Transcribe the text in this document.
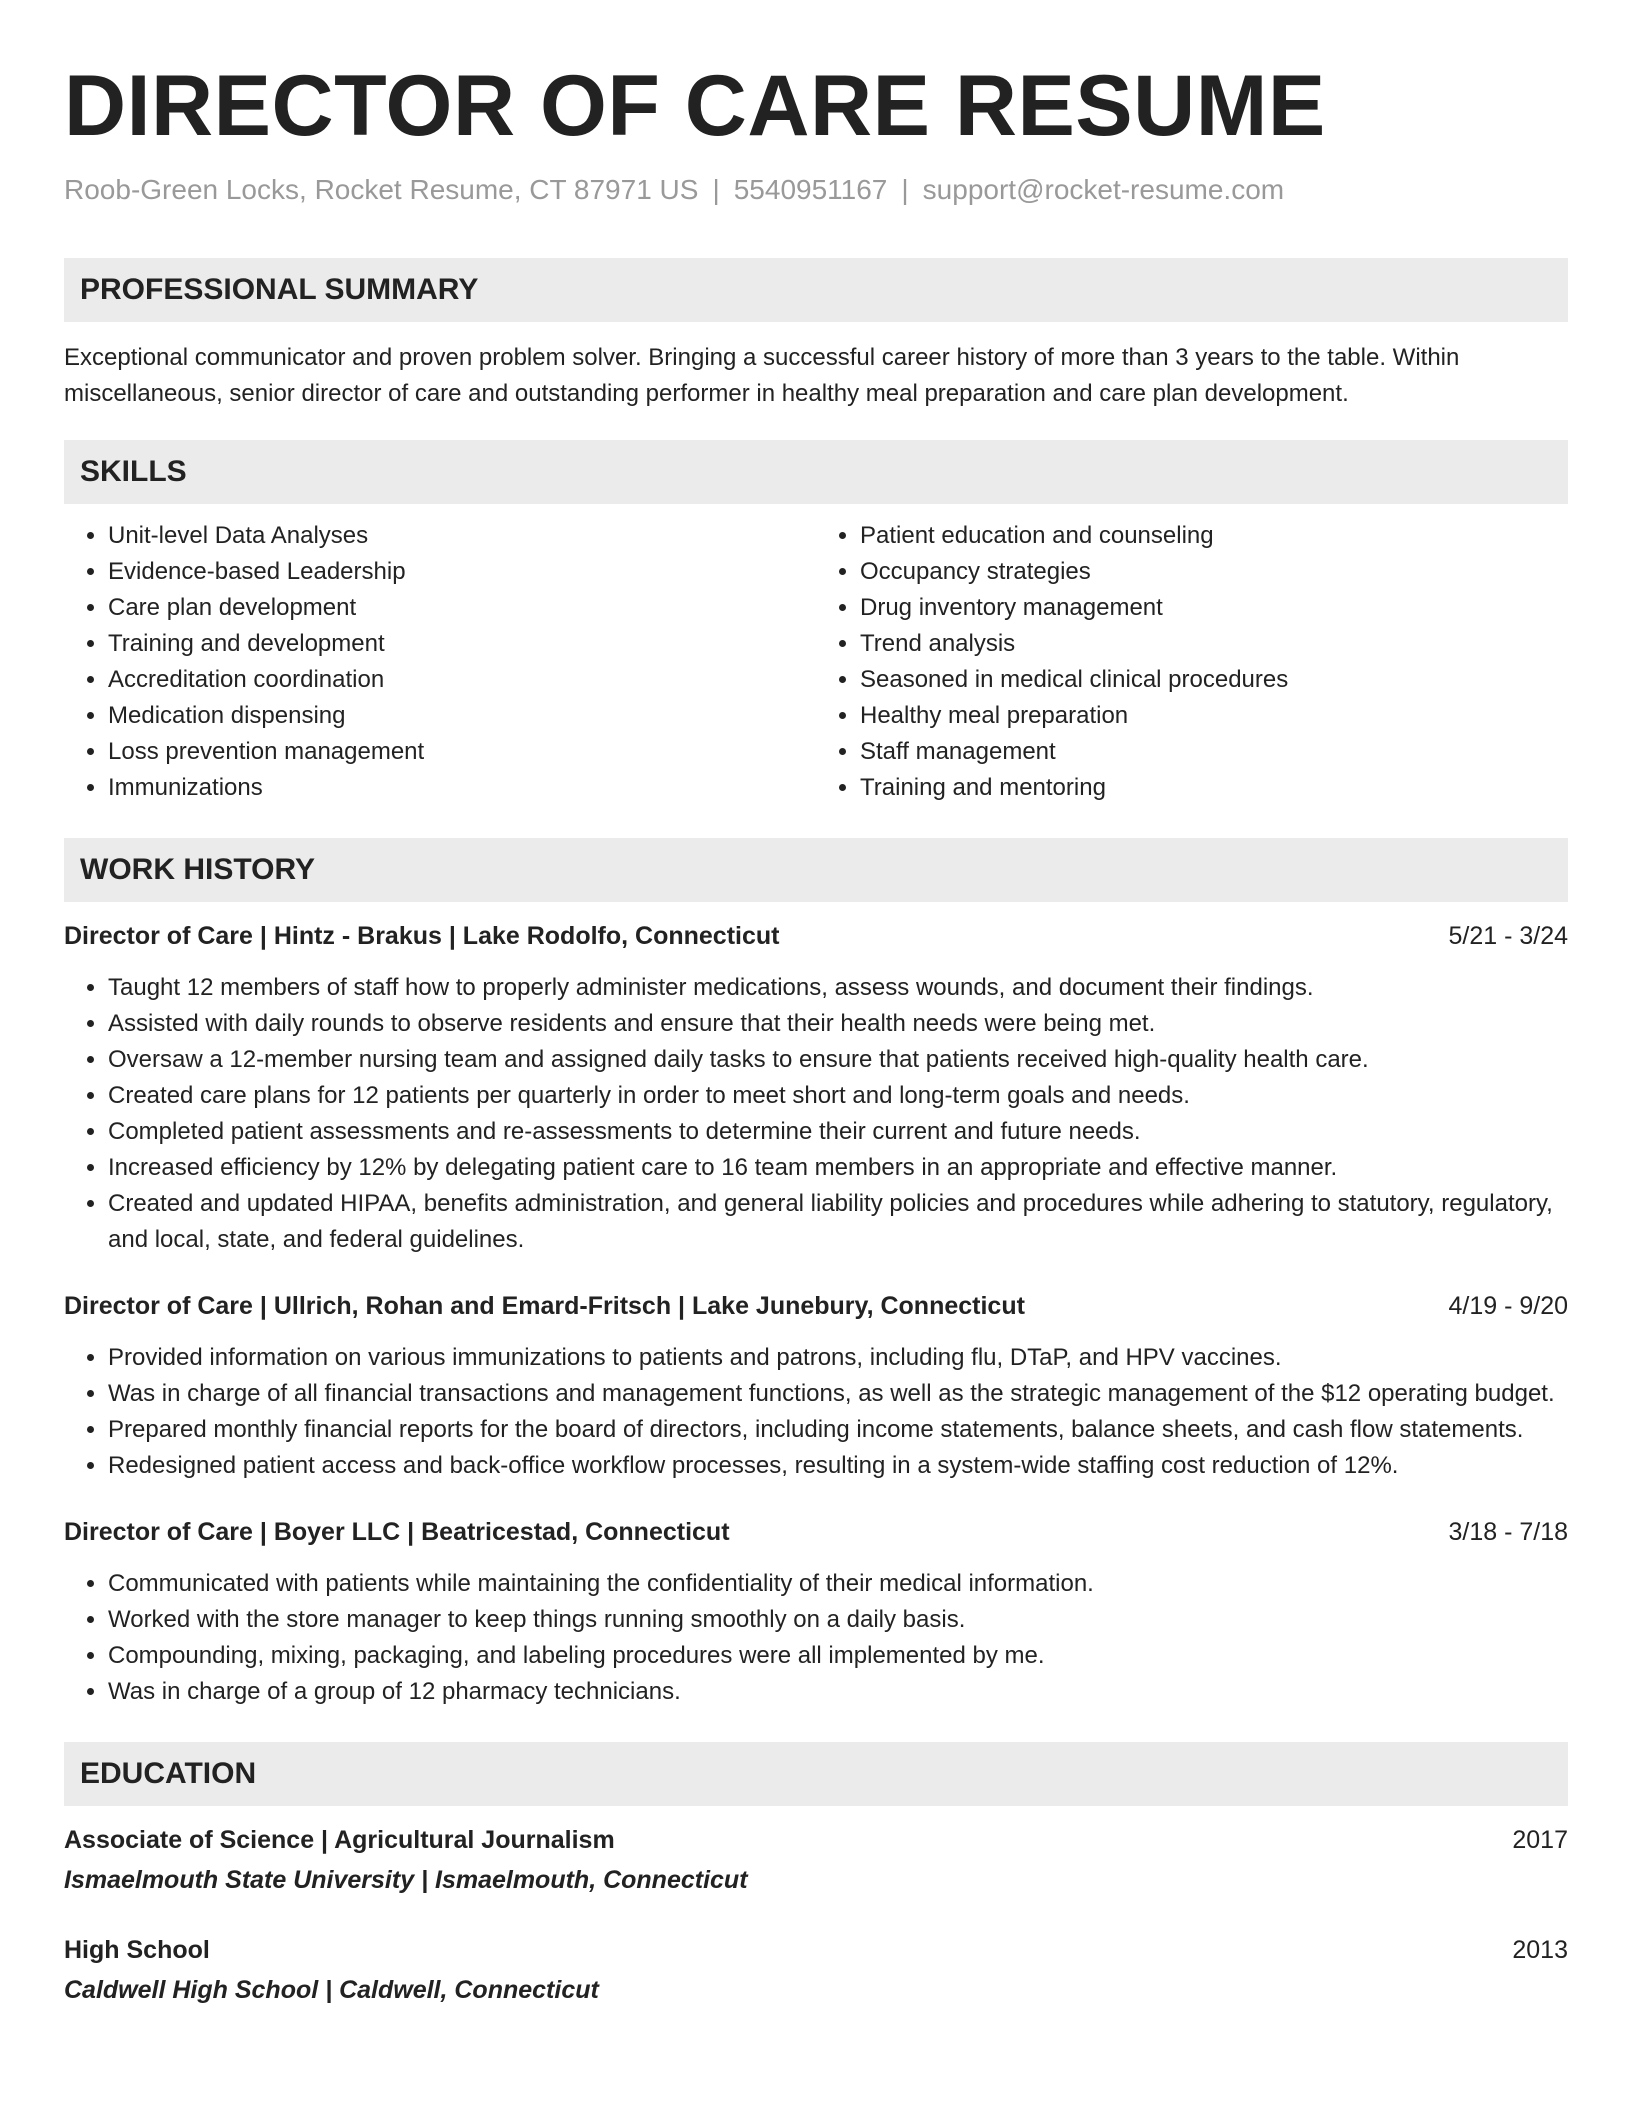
DIRECTOR OF CARE RESUME
Roob-Green Locks, Rocket Resume, CT 87971 US | 5540951167 | support@rocket-resume.com
PROFESSIONAL SUMMARY

Exceptional communicator and proven problem solver. Bringing a successful career history of more than 3 years to the table. Within miscellaneous, senior director of care and outstanding performer in healthy meal preparation and care plan development.

SKILLS
• Unit-level Data Analyses
• Evidence-based Leadership
• Care plan development
• Training and development
• Accreditation coordination
• Medication dispensing
• Loss prevention management
• Immunizations
• Patient education and counseling
• Occupancy strategies
• Drug inventory management
• Trend analysis
• Seasoned in medical clinical procedures
• Healthy meal preparation
• Staff management
• Training and mentoring
WORK HISTORY
Director of Care | Hintz - Brakus | Lake Rodolfo, Connecticut	5/21 - 3/24
• Taught 12 members of staff how to properly administer medications, assess wounds, and document their findings.
• Assisted with daily rounds to observe residents and ensure that their health needs were being met.
• Oversaw a 12-member nursing team and assigned daily tasks to ensure that patients received high-quality health care.
• Created care plans for 12 patients per quarterly in order to meet short and long-term goals and needs.
• Completed patient assessments and re-assessments to determine their current and future needs.
• Increased efficiency by 12% by delegating patient care to 16 team members in an appropriate and effective manner.
• Created and updated HIPAA, benefits administration, and general liability policies and procedures while adhering to statutory, regulatory, and local, state, and federal guidelines.
Director of Care | Ullrich, Rohan and Emard-Fritsch | Lake Junebury, Connecticut	4/19 - 9/20
• Provided information on various immunizations to patients and patrons, including flu, DTaP, and HPV vaccines.
• Was in charge of all financial transactions and management functions, as well as the strategic management of the $12 operating budget.
• Prepared monthly financial reports for the board of directors, including income statements, balance sheets, and cash flow statements.
• Redesigned patient access and back-office workflow processes, resulting in a system-wide staffing cost reduction of 12%.
Director of Care | Boyer LLC | Beatricestad, Connecticut	3/18 - 7/18
• Communicated with patients while maintaining the confidentiality of their medical information.
• Worked with the store manager to keep things running smoothly on a daily basis.
• Compounding, mixing, packaging, and labeling procedures were all implemented by me.
• Was in charge of a group of 12 pharmacy technicians.
EDUCATION
Associate of Science | Agricultural Journalism	2017
Ismaelmouth State University | Ismaelmouth, Connecticut
High School	2013
Caldwell High School | Caldwell, Connecticut
